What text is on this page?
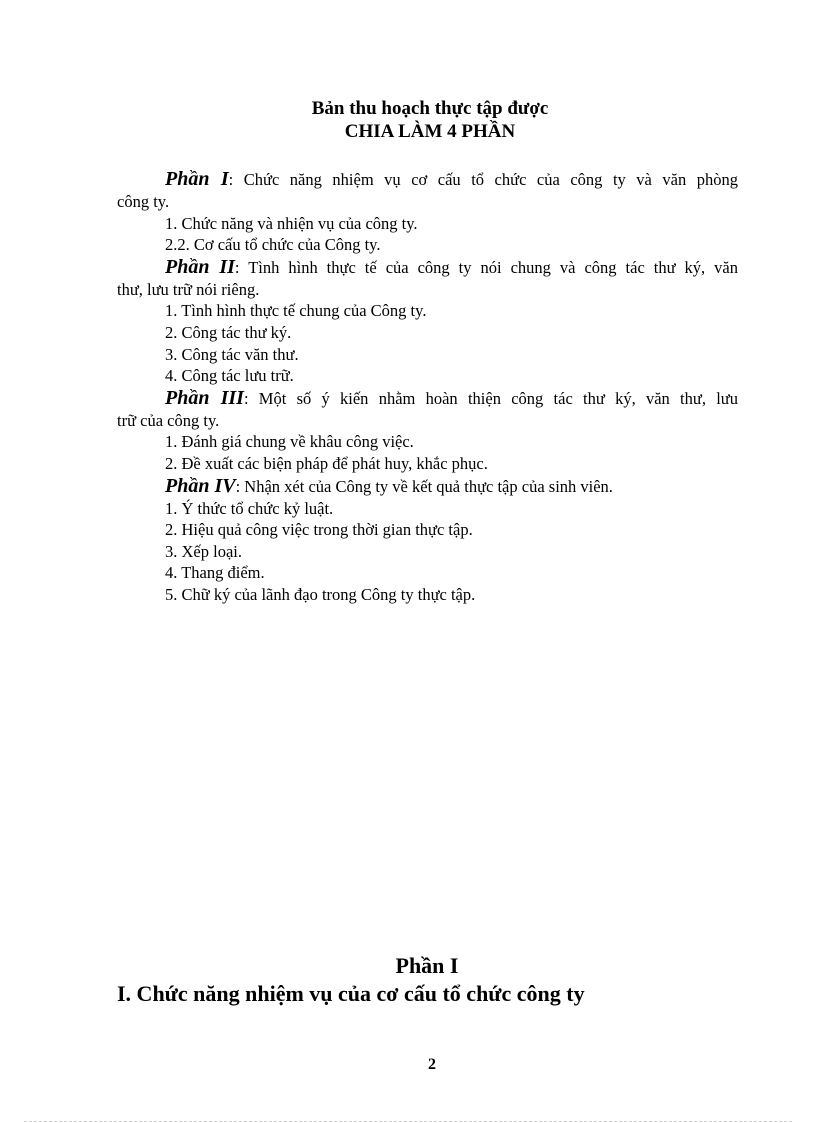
Bản thu hoạch thực tập được
CHIA LÀM 4 PHẦN
Phần I: Chức năng nhiệm vụ cơ cấu tổ chức của công ty và văn phòng
công ty.
1. Chức năng và nhiện vụ của công ty.
2.2. Cơ cấu tổ chức của Công ty.
Phần II: Tình hình thực tế của công ty nói chung và công tác thư ký, văn
thư, lưu trữ nói riêng.
1. Tình hình thực tế chung của Công ty.
2. Công tác thư ký.
3. Công tác văn thư.
4. Công tác lưu trữ.
Phần III: Một số ý kiến nhằm hoàn thiện công tác thư ký, văn thư, lưu
trữ của công ty.
1. Đánh giá chung về khâu công việc.
2. Đề xuất các biện pháp để phát huy, khắc phục.
Phần IV: Nhận xét của Công ty về kết quả thực tập của sinh viên.
1. Ý thức tổ chức kỷ luật.
2. Hiệu quả công việc trong thời gian thực tập.
3. Xếp loại.
4. Thang điểm.
5. Chữ ký của lãnh đạo trong Công ty thực tập.
Phần I
I. Chức năng nhiệm vụ của cơ cấu tổ chức công ty
2
